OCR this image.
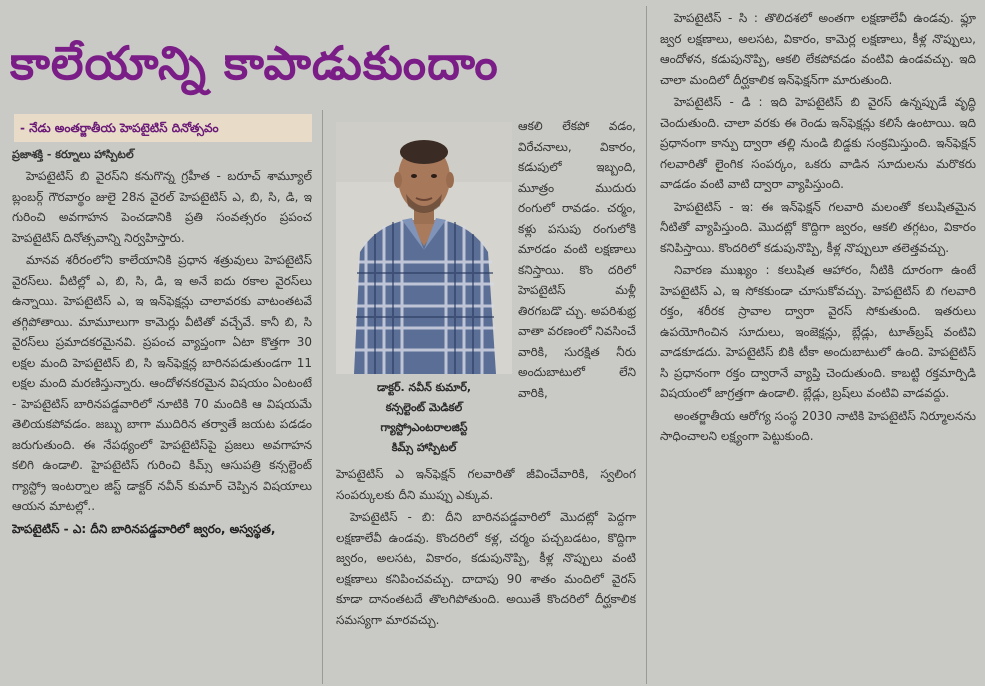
కాలేయాన్ని కాపాడుకుందాం
- నేడు అంతర్జాతీయ హెపటైటిస్ దినోత్సవం
ప్రజాశక్తి - కర్నూలు హాస్పిటల్

హెపటైటిస్ బి వైరస్‌ని కనుగొన్న గ్రహీత - బరూచ్ శామ్యూల్ బ్లంబర్గ్ గౌరవార్థం జులై 28న వైరల్ హెపటైటిస్ ఎ, బి, సి, డి, ఇ గురించి అవగాహన పెంచడానికి ప్రతి సంవత్సరం ప్రపంచ హెపటైటిస్ దినోత్సవాన్ని నిర్వహిస్తారు.

మానవ శరీరంలోని కాలేయానికి ప్రధాన శత్రువులు హెపటైటిస్ వైరస్‌లు. వీటిల్లో ఎ, బి, సి, డి, ఇ అనే ఐదు రకాల వైరస్‌లు ఉన్నాయి. హెపటైటిస్ ఎ, ఇ ఇన్‌ఫెక్షన్లు చాలావరకు వాటంతటవే తగ్గిపోతాయి. మామూలుగా కామెర్లు వీటితో వచ్చేవే. కానీ బి, సి వైరస్‌లు ప్రమాదకరమైనవి. ప్రపంచ వ్యాప్తంగా ఏటా కొత్తగా 30 లక్షల మంది హెపటైటిస్ బి, సి ఇన్‌ఫెక్షన్ల బారినపడుతుండగా 11 లక్షల మంది మరణిస్తున్నారు. ఆందోళనకరమైన విషయం ఏంటంటే - హెపటైటిస్ బారినపడ్డవారిలో నూటికి 70 మందికి ఆ విషయమే తెలియకపోవడం. జబ్బు బాగా ముదిరిన తర్వాతే జయట పడడం జరుగుతుంది. ఈ నేపథ్యంలో హెపటైటిస్‌పై ప్రజలు అవగాహన కలిగి ఉండాలి. హైపటైటిస్ గురించి కిమ్స్ ఆసుపత్రి కన్సల్టెంట్ గ్యాస్ట్రో ఇంటర్నాల జిస్ట్ డాక్టర్ నవీన్ కుమార్ చెప్పిన విషయాలు ఆయన మాటల్లో..

హెపటైటిస్ - ఎ: దీని బారినపడ్డవారిలో జ్వరం, అస్వస్థత,

డాక్టర్. నవీన్ కుమార్,
కన్సల్టెంట్ మెడికల్
గ్యాస్ట్రోఎంటరాలజిస్ట్
కిమ్స్ హాస్పిటల్

ఆకలి లేకపో వడం, విరేచనాలు, వికారం, కడుపులో ఇబ్బంది, మూత్రం ముదురు రంగులో రావడం. చర్మం, కళ్లు పసుపు రంగులోకి మారడం వంటి లక్షణాలు కనిస్తాయి. కొం దరిలో హెపటైటిస్ మళ్లీ తిరగబడొ చ్చు. అపరిశుభ్ర వాతా వరణంలో నివసించే వారికి, సురక్షిత నీరు అందుబాటులో లేని వారికి,

హెపటైటిస్ ఎ ఇన్‌ఫెక్షన్ గలవారితో జీవించేవారికి, స్వలింగ సంపర్కులకు దీని ముప్పు ఎక్కువ.

హెపటైటిస్ - బి: దీని బారినపడ్డవారిలో మొదట్లో పెద్దగా లక్షణాలేవీ ఉండవు. కొందరిలో కళ్ల, చర్మం పచ్చబడటం, కొద్దిగా జ్వరం, అలసట, వికారం, కడుపునొప్పి, కీళ్ల నొప్పులు వంటి లక్షణాలు కనిపించవచ్చు. దాదాపు 90 శాతం మందిలో వైరస్ కూడా దానంతటదే తొలగిపోతుంది. అయితే కొందరిలో దీర్ఘకాలిక సమస్యగా మారవచ్చు.

హెపటైటిస్ - సి : తొలిదశలో అంతగా లక్షణాలేవీ ఉండవు. ఫ్లూ జ్వర లక్షణాలు, అలసట, వికారం, కామెర్ల లక్షణాలు, కీళ్ల నొప్పులు, ఆందోళన, కడుపునొప్పి, ఆకలి లేకపోవడం వంటివి ఉండవచ్చు. ఇది చాలా మందిలో దీర్ఘకాలిక ఇన్‌ఫెక్షన్‌గా మారుతుంది.

హెపటైటిస్ - డి : ఇది హెపటైటిస్ బి వైరస్ ఉన్నప్పుడే వృద్ధి చెందుతుంది. చాలా వరకు ఈ రెండు ఇన్‌ఫెక్షన్లు కలిసే ఉంటాయి. ఇది ప్రధానంగా కాన్పు ద్వారా తల్లి నుండి బిడ్డకు సంక్రమిస్తుంది. ఇన్‌ఫెక్షన్ గలవారితో లైంగిక సంపర్కం, ఒకరు వాడిన సూదులను మరొకరు వాడడం వంటి వాటి ద్వారా వ్యాపిస్తుంది.

హెపటైటిస్ - ఇ: ఈ ఇన్‌ఫెక్షన్ గలవారి మలంతో కలుషితమైన నీటితో వ్యాపిస్తుంది. మొదట్లో కొద్దిగా జ్వరం, ఆకలి తగ్గటం, వికారం కనిపిస్తాయి. కొందరిలో కడుపునొప్పి, కీళ్ల నొప్పులూ తలెత్తవచ్చు.

నివారణ ముఖ్యం : కలుషిత ఆహారం, నీటికి దూరంగా ఉంటే హెపటైటిస్ ఎ, ఇ సోకకుండా చూసుకోవచ్చు. హెపటైటిస్ బి గలవారి రక్తం, శరీరక స్రావాల ద్వారా వైరస్ సోకుతుంది. ఇతరులు ఉపయోగించిన సూదులు, ఇంజెక్షన్లు, బ్లేడ్లు, టూత్‌బ్రష్ వంటివి వాడకూడదు. హెపటైటిస్ బికి టీకా అందుబాటులో ఉంది. హెపటైటిస్ సి ప్రధానంగా రక్తం ద్వారానే వ్యాప్తి చెందుతుంది. కాబట్టి రక్తమార్పిడి విషయంలో జాగ్రత్తగా ఉండాలి. బ్లేడ్లు, బ్రష్‌లు వంటివి వాడవద్దు.

అంతర్జాతీయ ఆరోగ్య సంస్థ 2030 నాటికి హెపటైటిస్ నిర్మూలనను సాధించాలని లక్ష్యంగా పెట్టుకుంది.
